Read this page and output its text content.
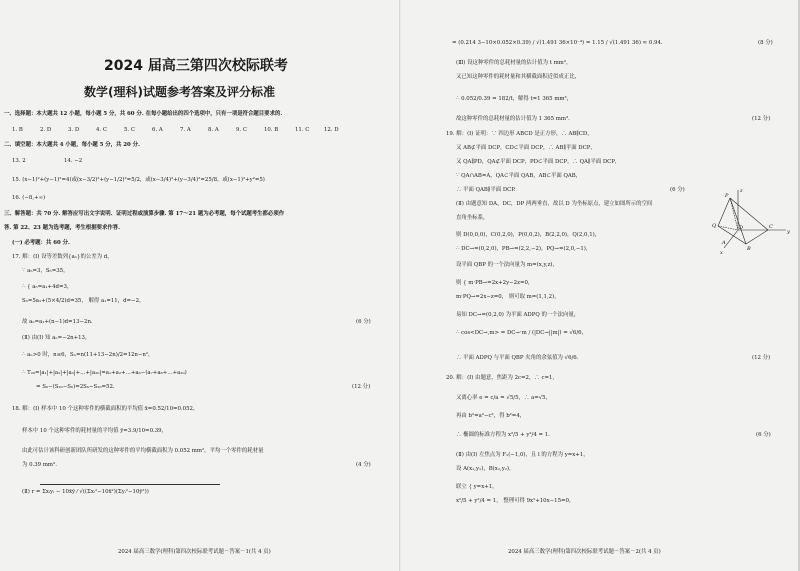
2024 届高三第四次校际联考
数学(理科)试题参考答案及评分标准
一、选择题：本大题共 12 小题，每小题 5 分，共 60 分. 在每小题给出的四个选项中，只有一项是符合题目要求的.
1. B	2. D	3. D	4. C	5. C	6. A	7. A	8. A	9. C	10. B	11. C	12. D
二、填空题：本大题共 4 小题，每小题 5 分，共 20 分.
13. 2	14. −2
15. (x−1)²+(y−1)²=4(或(x−3/2)²+(y−1/2)²=5/2，或(x−3/4)²+(y−3/4)²=25/8，或(x−1)²+y²=5)
16. (−8,+∞)
三、解答题：共 70 分. 解答应写出文字说明、证明过程或演算步骤. 第 17～21 题为必考题，每个试题考生都必须作
答. 第 22、23 题为选考题，考生根据要求作答.
(一) 必考题：共 60 分.
17. 解：(Ⅰ) 设等差数列{aₙ}的公差为 d，
∵ a₅=3，S₅=35，
∴ { a₅=a₁+4d=3，
S₅=5a₁+(5×4/2)d=35， 解得 a₁=11，d=−2，
故 aₙ=a₁+(n−1)d=13−2n.	(6 分)
(Ⅱ) 由(Ⅰ) 知 aₙ=−2n+13，
∴ aₙ>0 时，n≤6，Sₙ=n(11+13−2n)/2=12n−n²，
∴ T₂₀=|a₁|+|a₂|+|a₃|+…+|a₂₀|=a₁+a₂+…+a₆−(a₇+a₈+…+a₂₀)
= S₆−(S₂₀−S₆)=2S₆−S₂₀=52.	(12 分)
18. 解：(Ⅰ) 样本中 10 个这种零件的横截面积的平均值 x̄=0.52/10=0.052，
样本中 10 个这种零件的耗材量的平均值 ȳ=3.9/10=0.39，
由此可估计该科研创新团队所研发的这种零件的平均横截面积为 0.052 mm²，平均一个零件的耗材量
为 0.39 mm³.	(4 分)
(Ⅱ) r = Σxᵢyᵢ − 10x̄ȳ ⁄ √((Σxᵢ²−10x̄²)(Σyᵢ²−10ȳ²))
2024 届高三数学(理科)第四次校际联考试题－答案－1(共 4 页)
= (0.214 3−10×0.052×0.39) / √(1.491 36×10⁻⁴) = 1.15 / √(1.491 36) ≈ 0.94.	(8 分)
(Ⅲ) 设这种零件的总耗材量的估计值为 t mm³，
又已知这种零件的耗材量和其横截面积近似成正比，
∴ 0.052/0.39 = 182/t，解得 t=1 365 mm³，
故这种零件的总耗材量的估计值为 1 365 mm³.	(12 分)
19. 解：(Ⅰ) 证明：∵ 四边形 ABCD 是正方形，∴ AB∥CD，
又 AB⊄平面 DCP，CD⊂平面 DCP，∴ AB∥平面 DCP，
又 QA∥PD，QA⊄平面 DCP，PD⊂平面 DCP，∴ QA∥平面 DCP，
∵ QA∩AB=A，QA⊂平面 QAB，AB⊂平面 QAB，
∴ 平面 QAB∥平面 DCP.	(6 分)
(Ⅱ) 由题意知 DA，DC，DP 两两垂直，故以 D 为坐标原点，建立如图所示的空间
直角坐标系，
则 D(0,0,0)，C(0,2,0)，P(0,0,2)，B(2,2,0)，Q(2,0,1)，
∴ DC→=(0,2,0)，PB→=(2,2,−2)，PQ→=(2,0,−1)，
设平面 QBP 的一个法向量为 m=(x,y,z)，
则 { m·PB→=2x+2y−2z=0，
m·PQ→=2x−z=0， 则可取 m=(1,1,2)，
易知 DC→=(0,2,0) 为平面 ADPQ 的一个法向量，
∴ cos<DC→,m> = DC→·m / (|DC→||m|) = √6/6，
∴ 平面 ADPQ 与平面 QBP 夹角的余弦值为 √6/6.	(12 分)
20. 解：(Ⅰ) 由题意，焦距为 2c=2，∴ c=1，
又离心率 e = c/a = √5/5，∴ a=√5，
再由 b²=a²−c²，得 b²=4，
∴ 椭圆的标准方程为 x²/5 + y²/4 = 1.	(6 分)
(Ⅱ) 由(Ⅰ) 左焦点为 F₁(−1,0)，且 l 的方程为 y=x+1，
设 A(x₁,y₁)，B(x₂,y₂)，
联立 { y=x+1，
x²/5 + y²/4 = 1， 整理可得 9x²+10x−15=0，
P
Q	D
A
B
C
x
y
z
2024 届高三数学(理科)第四次校际联考试题－答案－2(共 4 页)
